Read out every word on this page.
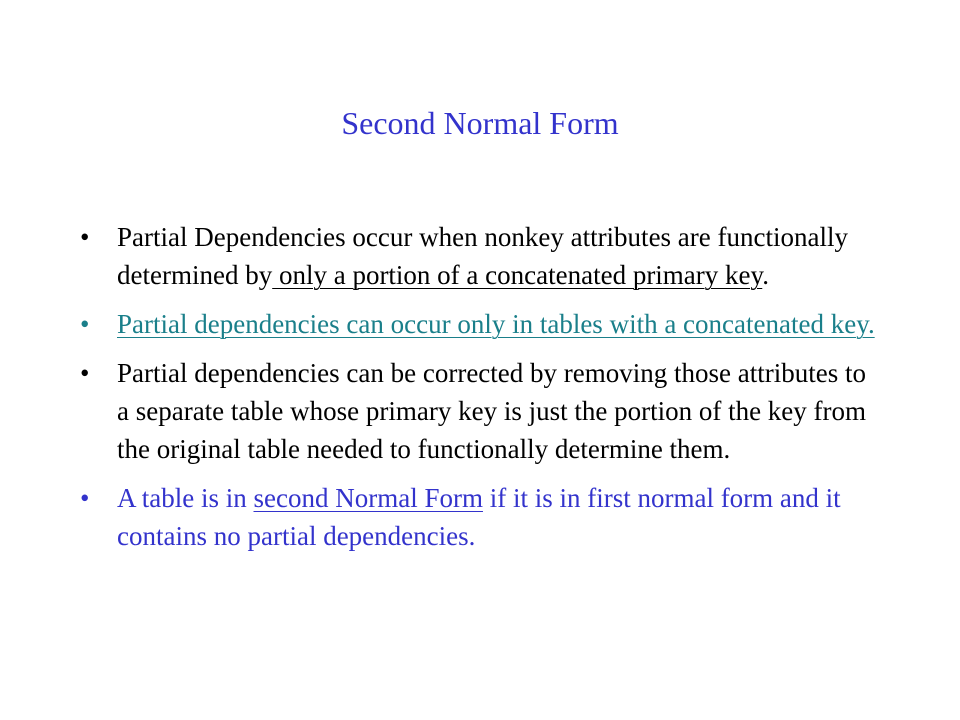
Second Normal Form
•	Partial Dependencies occur when nonkey attributes are functionally determined by only a portion of a concatenated primary key.
•	Partial dependencies can occur only in tables with a concatenated key.
•	Partial dependencies can be corrected by removing those attributes to a separate table whose primary key is just the portion of the key from the original table needed to functionally determine them.
•	A table is in second Normal Form if it is in first normal form and it contains no partial dependencies.
